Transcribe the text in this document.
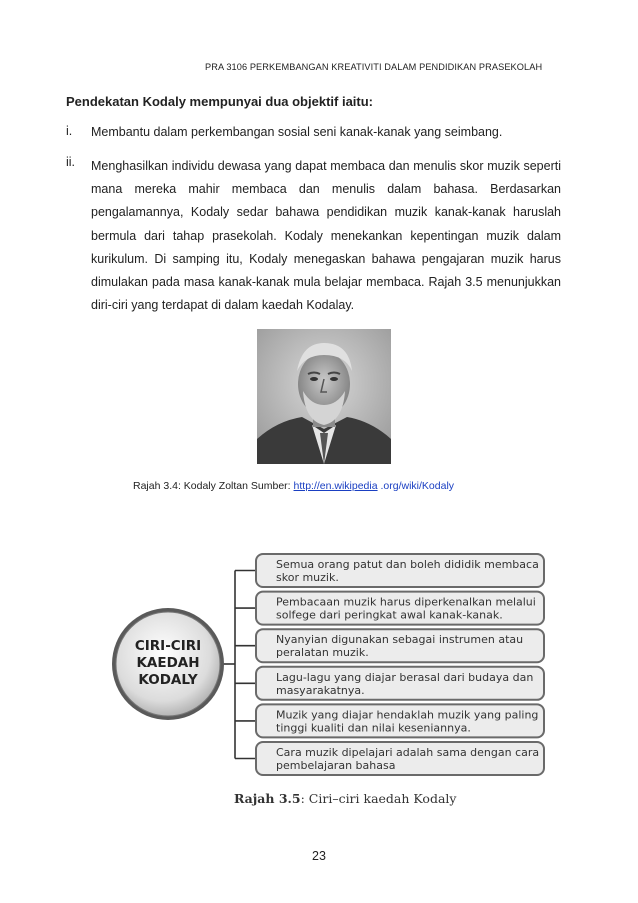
PRA 3106 PERKEMBANGAN KREATIVITI DALAM PENDIDIKAN PRASEKOLAH
Pendekatan Kodaly mempunyai dua objektif iaitu:
i. Membantu dalam perkembangan sosial seni kanak-kanak yang seimbang.
ii. Menghasilkan individu dewasa yang dapat membaca dan menulis skor muzik seperti mana mereka mahir membaca dan menulis dalam bahasa. Berdasarkan pengalamannya, Kodaly sedar bahawa pendidikan muzik kanak-kanak haruslah bermula dari tahap prasekolah. Kodaly menekankan kepentingan muzik dalam kurikulum. Di samping itu, Kodaly menegaskan bahawa pengajaran muzik harus dimulakan pada masa kanak-kanak mula belajar membaca. Rajah 3.5 menunjukkan diri-ciri yang terdapat di dalam kaedah Kodalay.
Rajah 3.4: Kodaly Zoltan Sumber: http://en.wikipedia .org/wiki/Kodaly
Semua orang patut dan boleh dididik membaca
skor muzik.
Pembacaan muzik harus diperkenalkan melalui
solfege dari peringkat awal kanak-kanak.
Nyanyian digunakan sebagai instrumen atau
peralatan muzik.
Lagu-lagu yang diajar berasal dari budaya dan
masyarakatnya.
Muzik yang diajar hendaklah muzik yang paling
tinggi kualiti dan nilai keseniannya.
Cara muzik dipelajari adalah sama dengan cara
pembelajaran bahasa
CIRI-CIRI
KAEDAH
KODALY
Rajah 3.5: Ciri–ciri kaedah Kodaly
23
